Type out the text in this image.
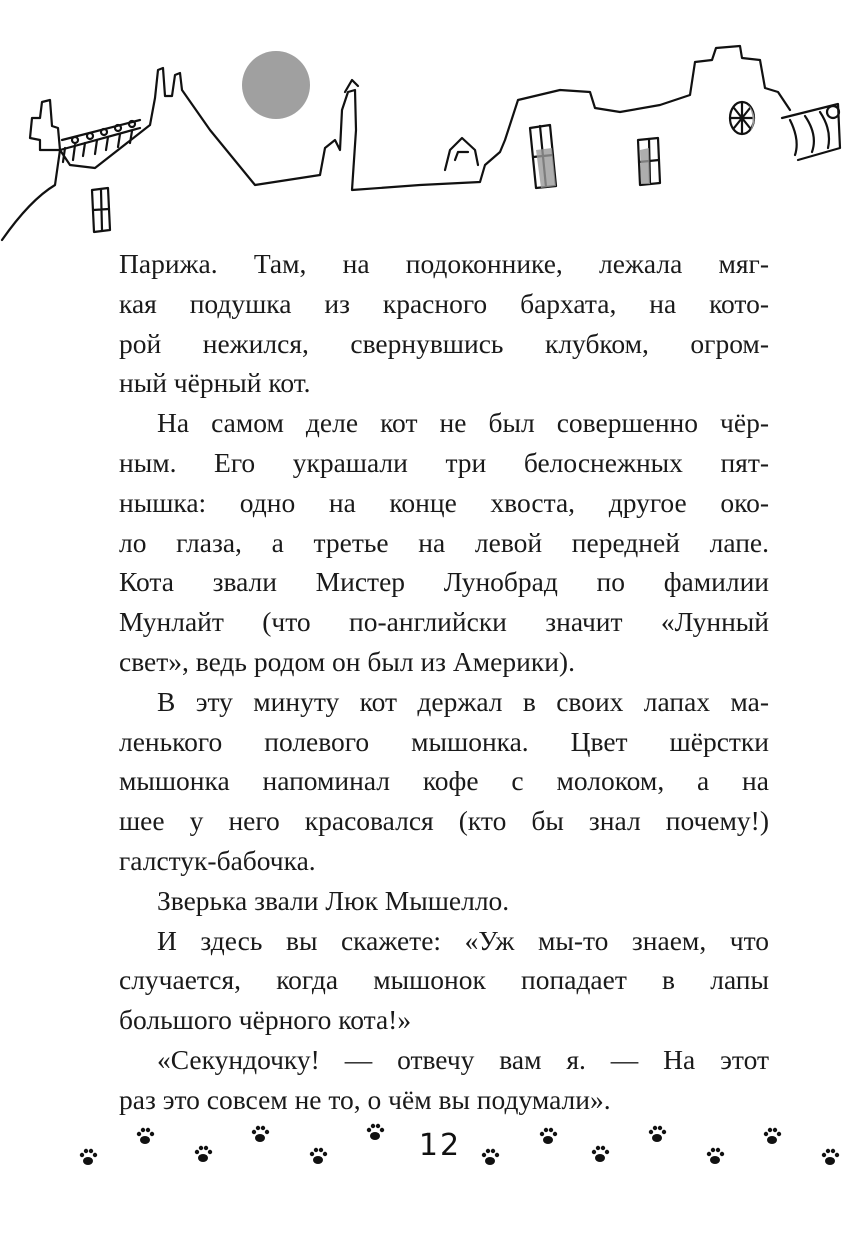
Парижа. Там, на подоконнике, лежала мяг-
кая подушка из красного бархата, на кото-
рой нежился, свернувшись клубком, огром-
ный чёрный кот.
На самом деле кот не был совершенно чёр-
ным. Его украшали три белоснежных пят-
нышка: одно на конце хвоста, другое око-
ло глаза, а третье на левой передней лапе.
Кота звали Мистер Лунобрад по фамилии
Мунлайт (что по-английски значит «Лунный
свет», ведь родом он был из Америки).
В эту минуту кот держал в своих лапах ма-
ленького полевого мышонка. Цвет шёрстки
мышонка напоминал кофе с молоком, а на
шее у него красовался (кто бы знал почему!)
галстук-бабочка.
Зверька звали Люк Мышелло.
И здесь вы скажете: «Уж мы-то знаем, что
случается, когда мышонок попадает в лапы
большого чёрного кота!»
«Секундочку! — отвечу вам я. — На этот
раз это совсем не то, о чём вы подумали».
12
